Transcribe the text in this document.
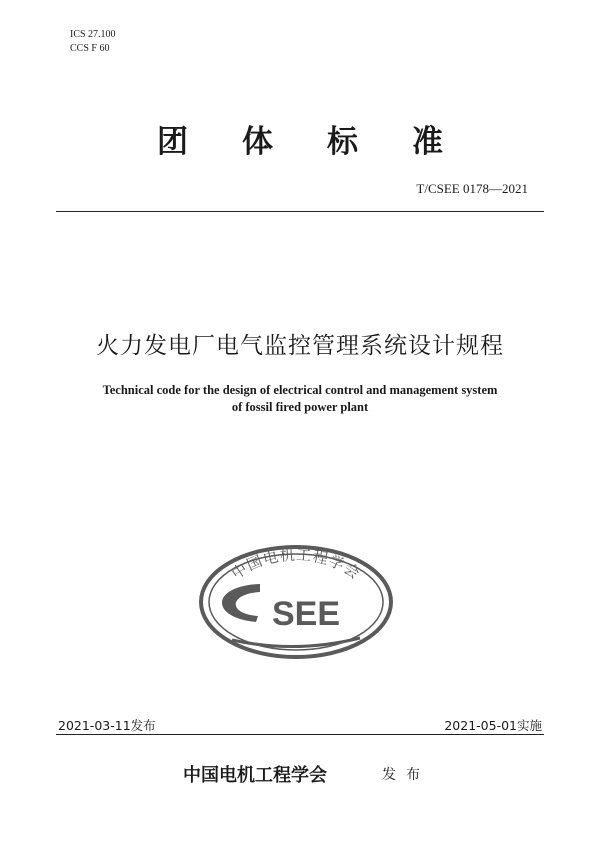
ICS 27.100
CCS F 60
团体标准
T/CSEE 0178—2021
火力发电厂电气监控管理系统设计规程
Technical code for the design of electrical control and management system
of fossil fired power plant
中国电机工程学会
SEE
2021-03-11发布	2021-05-01实施
中国电机工程学会	发布
